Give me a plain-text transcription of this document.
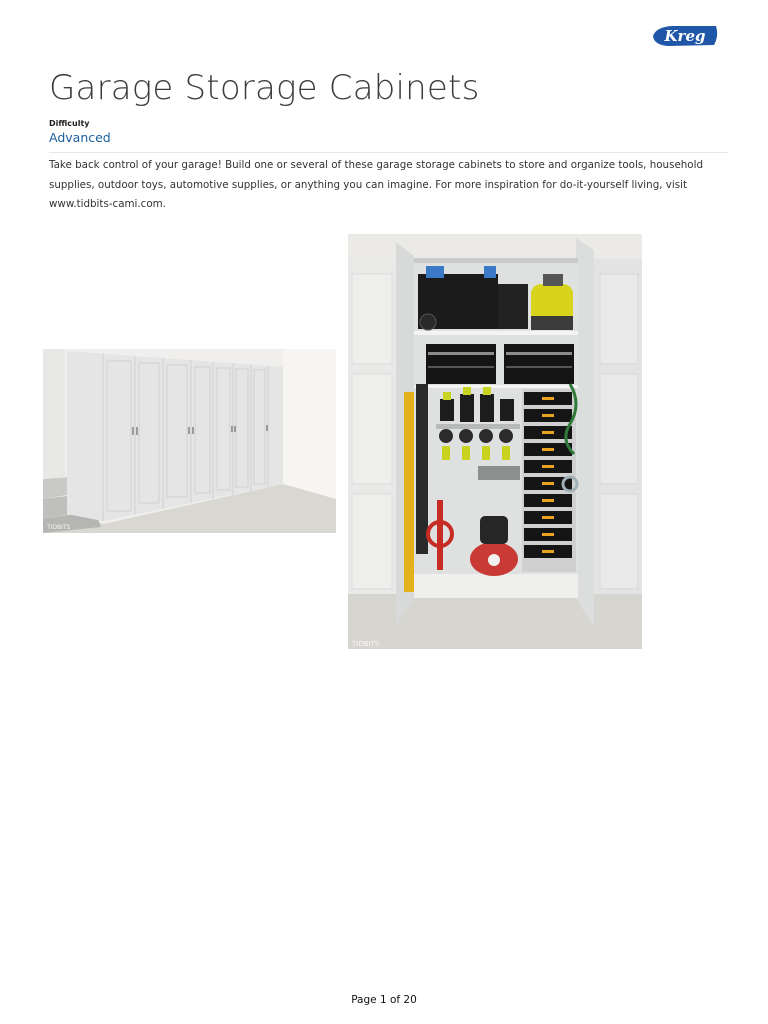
Kreg
Garage Storage Cabinets
Difficulty
Advanced

Take back control of your garage! Build one or several of these garage storage cabinets to store and organize tools, household supplies, outdoor toys, automotive supplies, or anything you can imagine. For more inspiration for do-it-yourself living, visit www.tidbits-cami.com.

TIDBITS
TIDBITS
Page 1 of 20
